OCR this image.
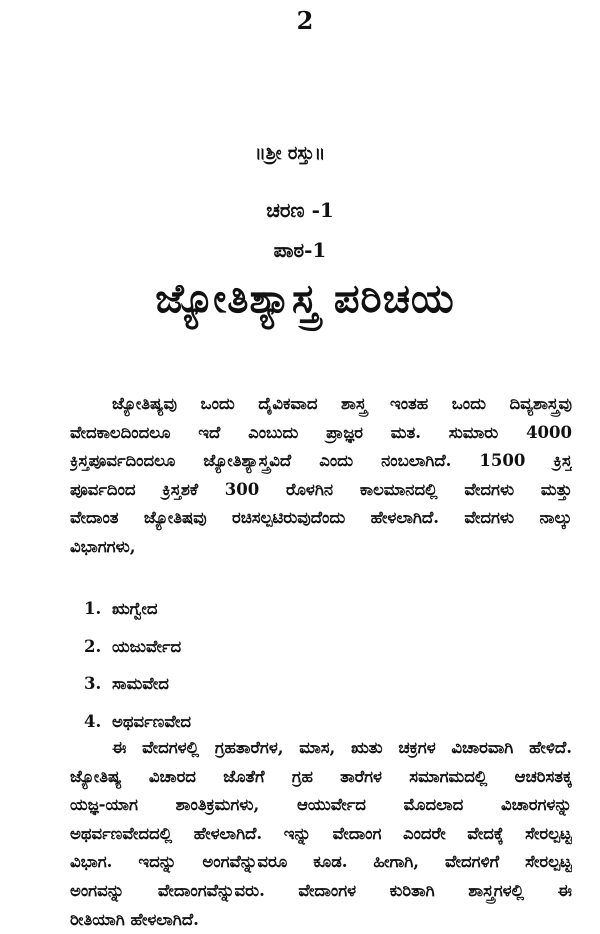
2
॥ಶ್ರೀ ರಸ್ತು॥
ಚರಣ -1
ಪಾಠ-1
ಜ್ಯೋತಿಶ್ಯಾಸ್ತ್ರ ಪರಿಚಯ
ಜ್ಯೋತಿಷ್ಯವು ಒಂದು ದೈವಿಕವಾದ ಶಾಸ್ತ್ರ ಇಂತಹ ಒಂದು ದಿವ್ಯಶಾಸ್ತ್ರವು
ವೇದಕಾಲದಿಂದಲೂ ಇದೆ ಎಂಬುದು ಪ್ರಾಜ್ಞರ ಮತ. ಸುಮಾರು 4000
ಕ್ರಿಸ್ತಪೂರ್ವದಿಂದಲೂ ಜ್ಯೋತಿಶ್ಯಾಸ್ತ್ರವಿದೆ ಎಂದು ನಂಬಲಾಗಿದೆ. 1500 ಕ್ರಿಸ್ತ
ಪೂರ್ವದಿಂದ ಕ್ರಿಸ್ತಶಕೆ 300 ರೊಳಗಿನ ಕಾಲಮಾನದಲ್ಲಿ ವೇದಗಳು ಮತ್ತು
ವೇದಾಂತ ಜ್ಯೋತಿಷವು ರಚಿಸಲ್ಪಟಿರುವುದೆಂದು ಹೇಳಲಾಗಿದೆ. ವೇದಗಳು ನಾಲ್ಕು
ವಿಭಾಗಗಳು,
1. ಋಗ್ವೇದ
2. ಯಜುರ್ವೇದ
3. ಸಾಮವೇದ
4. ಅಥರ್ವಣವೇದ
ಈ ವೇದಗಳಲ್ಲಿ ಗ್ರಹತಾರೆಗಳ, ಮಾಸ, ಋತು ಚಕ್ರಗಳ ವಿಚಾರವಾಗಿ ಹೇಳಿದೆ.
ಜ್ಯೋತಿಷ್ಯ ವಿಚಾರದ ಜೊತೆಗೆ ಗ್ರಹ ತಾರೆಗಳ ಸಮಾಗಮದಲ್ಲಿ ಆಚರಿಸತಕ್ಕ
ಯಜ್ಞ-ಯಾಗ ಶಾಂತಿಕ್ರಮಗಳು, ಆಯುರ್ವೇದ ಮೊದಲಾದ ವಿಚಾರಗಳನ್ನು
ಅಥರ್ವಣವೇದದಲ್ಲಿ ಹೇಳಲಾಗಿದೆ. ಇನ್ನು ವೇದಾಂಗ ಎಂದರೇ ವೇದಕ್ಕೆ ಸೇರಲ್ಪಟ್ಟ
ವಿಭಾಗ. ಇದನ್ನು ಅಂಗವೆನ್ನುವರೂ ಕೂಡ. ಹೀಗಾಗಿ, ವೇದಗಳಿಗೆ ಸೇರಲ್ಪಟ್ಟ
ಅಂಗವನ್ನು ವೇದಾಂಗವೆನ್ನುವರು. ವೇದಾಂಗಳ ಕುರಿತಾಗಿ ಶಾಸ್ತ್ರಗಳಲ್ಲಿ ಈ
ರೀತಿಯಾಗಿ ಹೇಳಲಾಗಿದೆ.
